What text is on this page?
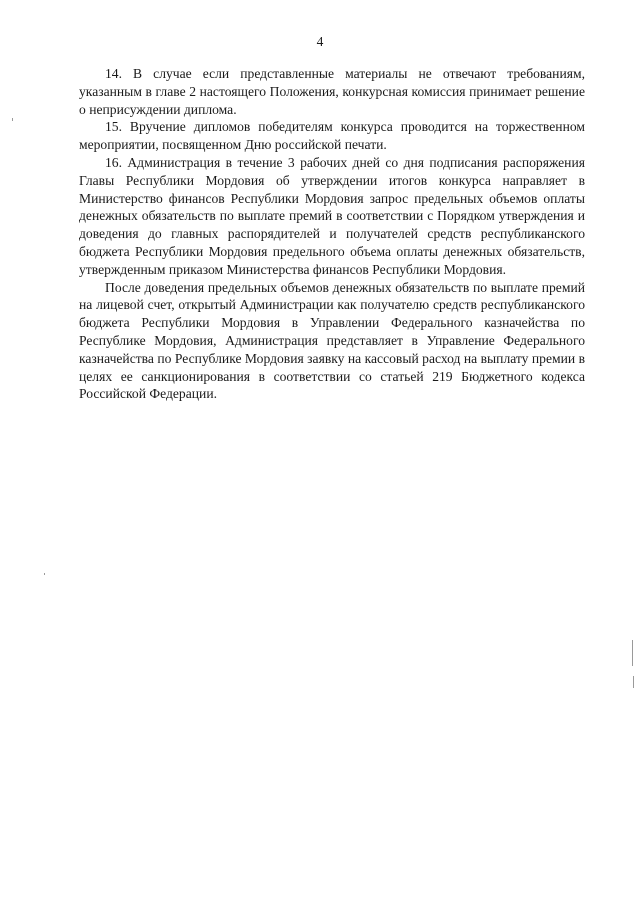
4

14. В случае если представленные материалы не отвечают требованиям, указанным в главе 2 настоящего Положения, конкурсная комиссия принимает решение о неприсуждении диплома.

15. Вручение дипломов победителям конкурса проводится на торжественном мероприятии, посвященном Дню российской печати.

16. Администрация в течение 3 рабочих дней со дня подписания распоряжения Главы Республики Мордовия об утверждении итогов конкурса направляет в Министерство финансов Республики Мордовия запрос предельных объемов оплаты денежных обязательств по выплате премий в соответствии с Порядком утверждения и доведения до главных распорядителей и получателей средств республиканского бюджета Республики Мордовия предельного объема оплаты денежных обязательств, утвержденным приказом Министерства финансов Республики Мордовия.

После доведения предельных объемов денежных обязательств по выплате премий на лицевой счет, открытый Администрации как получателю средств республиканского бюджета Республики Мордовия в Управлении Федерального казначейства по Республике Мордовия, Администрация представляет в Управление Федерального казначейства по Республике Мордовия заявку на кассовый расход на выплату премии в целях ее санкционирования в соответствии со статьей 219 Бюджетного кодекса Российской Федерации.
